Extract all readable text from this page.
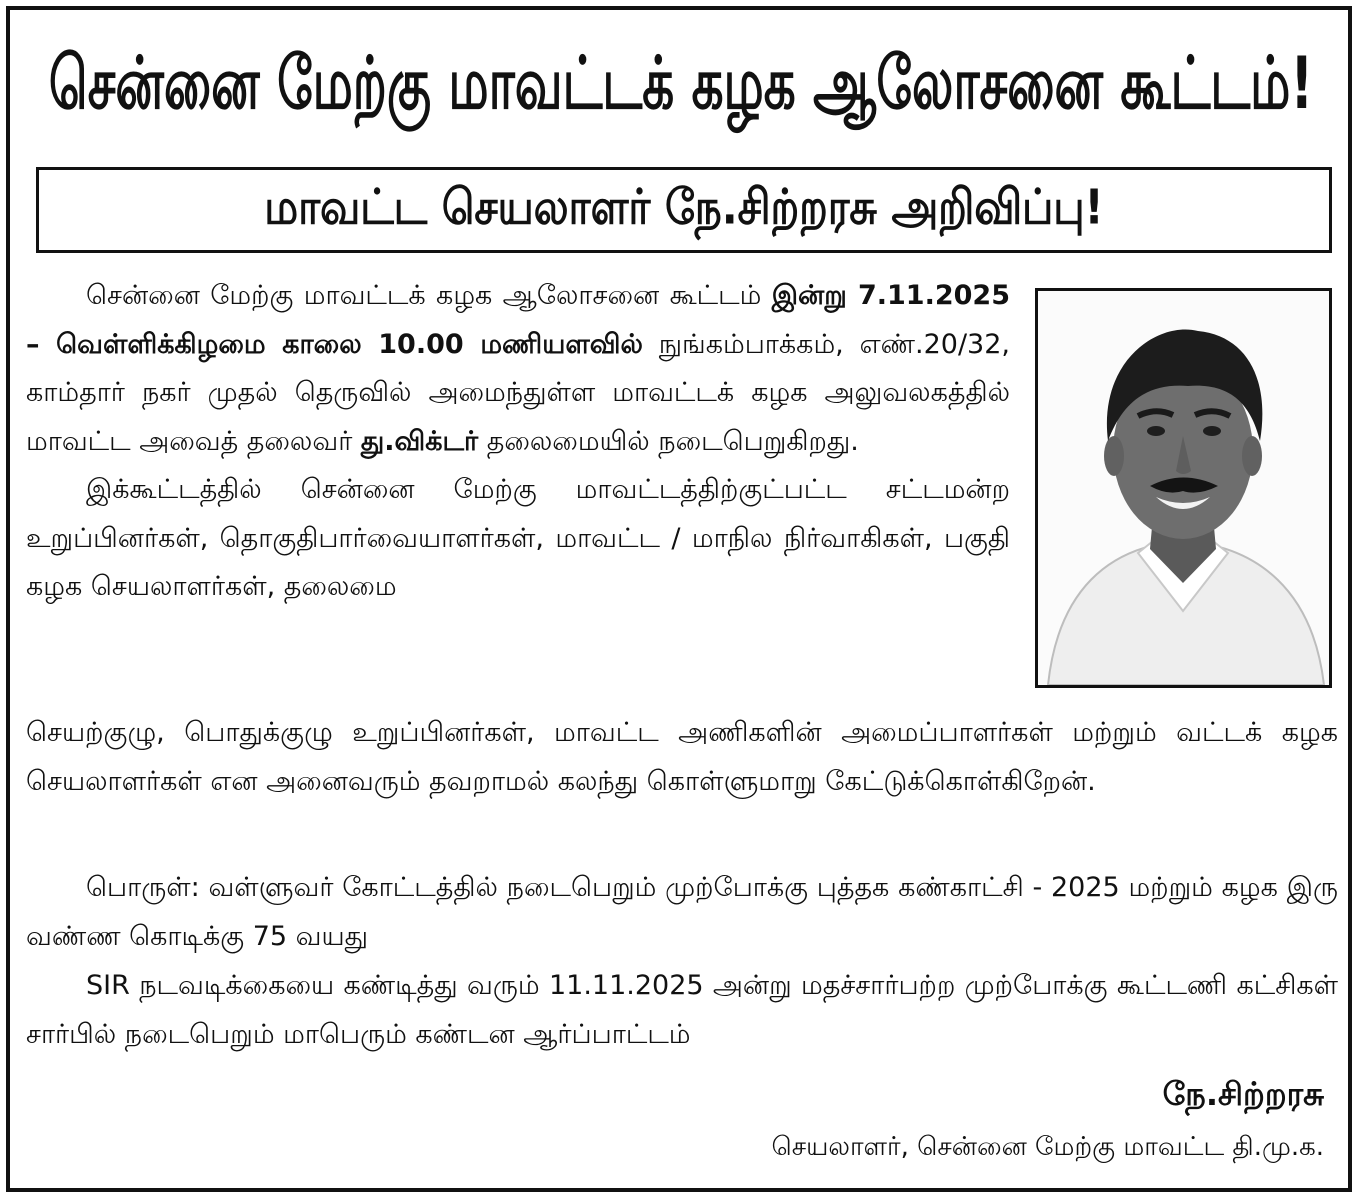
சென்னை மேற்கு மாவட்டக் கழக ஆலோசனை கூட்டம்!
மாவட்ட செயலாளர் நே.சிற்றரசு அறிவிப்பு!

சென்னை மேற்கு மாவட்டக் கழக ஆலோசனை கூட்டம் இன்று 7.11.2025 – வெள்ளிக்கிழமை காலை 10.00 மணியளவில் நுங்கம்பாக்கம், எண்.20/32, காம்தார் நகர் முதல் தெருவில் அமைந்துள்ள மாவட்டக் கழக அலுவலகத்தில் மாவட்ட அவைத் தலைவர் து.விக்டர் தலைமையில் நடைபெறுகிறது.

இக்கூட்டத்தில் சென்னை மேற்கு மாவட்டத்திற்குட்பட்ட சட்டமன்ற உறுப்பினர்கள், தொகுதிபார்வையாளர்கள், மாவட்ட / மாநில நிர்வாகிகள், பகுதி கழக செயலாளர்கள், தலைமை

செயற்குழு, பொதுக்குழு உறுப்பினர்கள், மாவட்ட அணிகளின் அமைப்பாளர்கள் மற்றும் வட்டக் கழக செயலாளர்கள் என அனைவரும் தவறாமல் கலந்து கொள்ளுமாறு கேட்டுக்கொள்கிறேன்.

பொருள்: வள்ளுவர் கோட்டத்தில் நடைபெறும் முற்போக்கு புத்தக கண்காட்சி - 2025 மற்றும் கழக இரு வண்ண கொடிக்கு 75 வயது
SIR நடவடிக்கையை கண்டித்து வரும் 11.11.2025 அன்று மதச்சார்பற்ற முற்போக்கு கூட்டணி கட்சிகள் சார்பில் நடைபெறும் மாபெரும் கண்டன ஆர்ப்பாட்டம்
நே.சிற்றரசு
செயலாளர், சென்னை மேற்கு மாவட்ட தி.மு.க.
